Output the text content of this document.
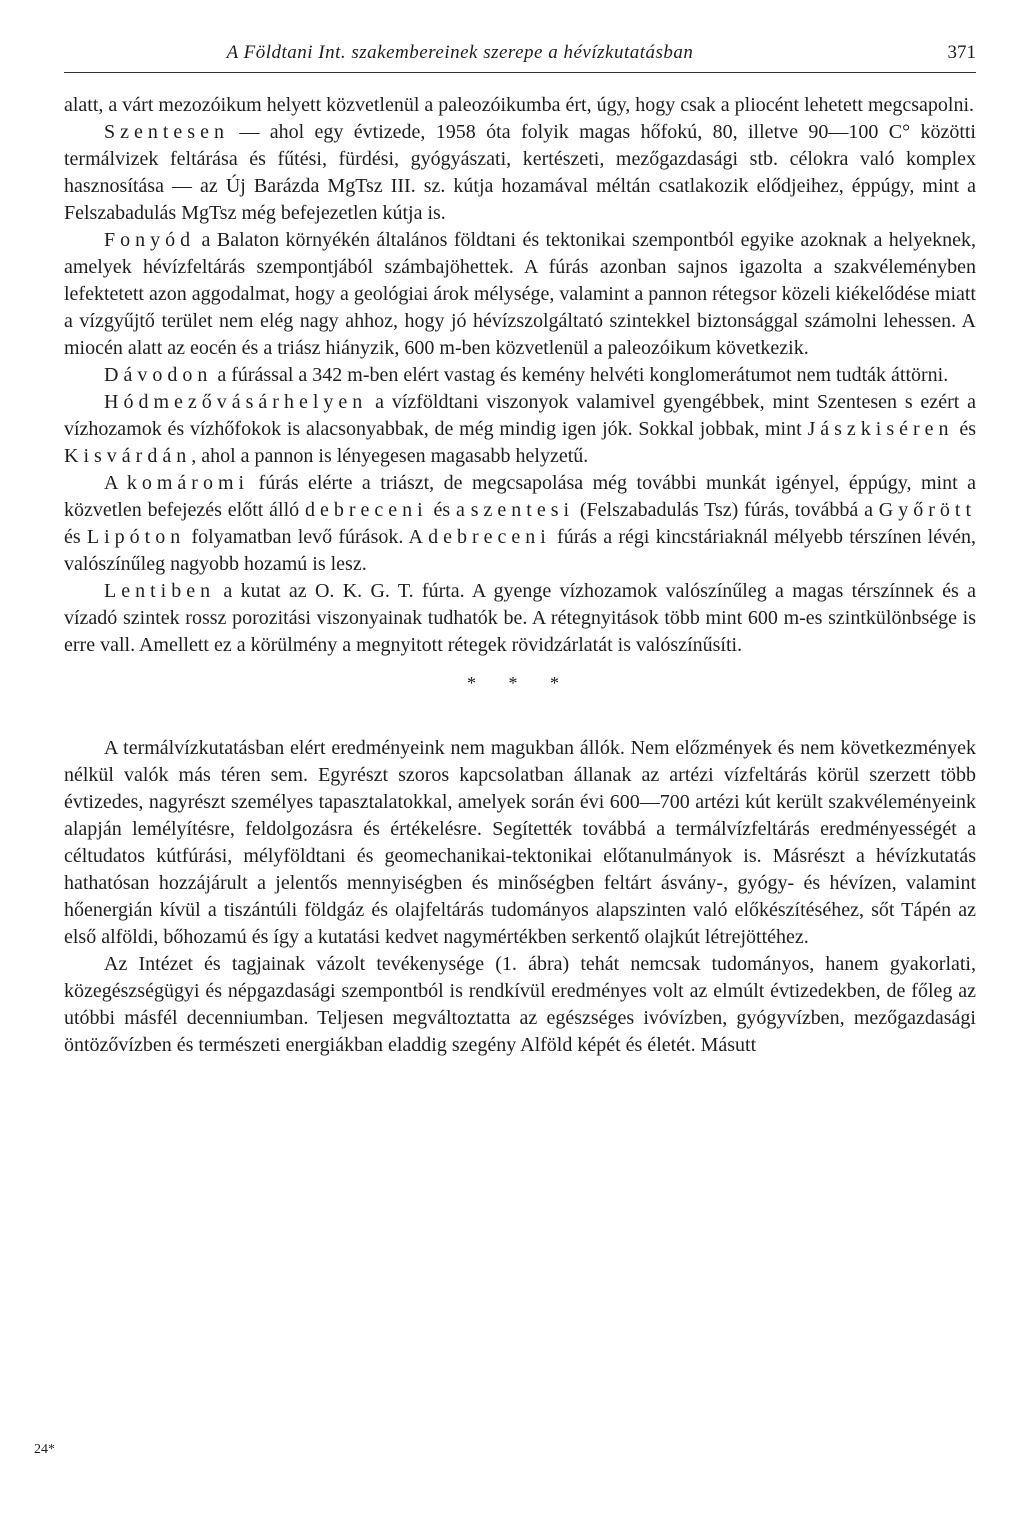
A Földtani Int. szakembereinek szerepe a hévízkutatásban	371

alatt, a várt mezozóikum helyett közvetlenül a paleozóikumba ért, úgy, hogy csak a pliocént lehetett megcsapolni.

Szentesen — ahol egy évtizede, 1958 óta folyik magas hőfokú, 80, illetve 90—100 C° közötti termálvizek feltárása és fűtési, fürdési, gyógyászati, kertészeti, mezőgazdasági stb. célokra való komplex hasznosítása — az Új Barázda MgTsz III. sz. kútja hozamával méltán csatlakozik elődjeihez, éppúgy, mint a Felszabadulás MgTsz még befejezetlen kútja is.

Fonyód a Balaton környékén általános földtani és tektonikai szempontból egyike azoknak a helyeknek, amelyek hévízfeltárás szempontjából számbajöhettek. A fúrás azonban sajnos igazolta a szakvéleményben lefektetett azon aggodalmat, hogy a geológiai árok mélysége, valamint a pannon rétegsor közeli kiékelődése miatt a vízgyűjtő terület nem elég nagy ahhoz, hogy jó hévízszolgáltató szintekkel biztonsággal számolni lehessen. A miocén alatt az eocén és a triász hiányzik, 600 m-ben közvetlenül a paleozóikum következik.

Dávodon a fúrással a 342 m-ben elért vastag és kemény helvéti konglomerátumot nem tudták áttörni.

Hódmezővásárhelyen a vízföldtani viszonyok valamivel gyengébbek, mint Szentesen s ezért a vízhozamok és vízhőfokok is alacsonyabbak, de még mindig igen jók. Sokkal jobbak, mint Jászkiséren és Kisvárdán, ahol a pannon is lényegesen magasabb helyzetű.

A komáromi fúrás elérte a triászt, de megcsapolása még további munkát igényel, éppúgy, mint a közvetlen befejezés előtt álló debreceni és a szentesi (Felszabadulás Tsz) fúrás, továbbá a Győrött és Lipóton folyamatban levő fúrások. A debreceni fúrás a régi kincstáriaknál mélyebb térszínen lévén, valószínűleg nagyobb hozamú is lesz.

Lentiben a kutat az O. K. G. T. fúrta. A gyenge vízhozamok valószínűleg a magas térszínnek és a vízadó szintek rossz porozitási viszonyainak tudhatók be. A rétegnyitások több mint 600 m-es szintkülönbsége is erre vall. Amellett ez a körülmény a megnyitott rétegek rövidzárlatát is valószínűsíti.

* * *

A termálvízkutatásban elért eredményeink nem magukban állók. Nem előzmények és nem következmények nélkül valók más téren sem. Egyrészt szoros kapcsolatban állanak az artézi vízfeltárás körül szerzett több évtizedes, nagyrészt személyes tapasztalatokkal, amelyek során évi 600—700 artézi kút került szakvéleményeink alapján lemélyítésre, feldolgozásra és értékelésre. Segítették továbbá a termálvízfeltárás eredményességét a céltudatos kútfúrási, mélyföldtani és geomechanikai-tektonikai előtanulmányok is. Másrészt a hévízkutatás hathatósan hozzájárult a jelentős mennyiségben és minőségben feltárt ásvány-, gyógy- és hévízen, valamint hőenergián kívül a tiszántúli földgáz és olajfeltárás tudományos alapszinten való előkészítéséhez, sőt Tápén az első alföldi, bőhozamú és így a kutatási kedvet nagymértékben serkentő olajkút létrejöttéhez.

Az Intézet és tagjainak vázolt tevékenysége (1. ábra) tehát nemcsak tudományos, hanem gyakorlati, közegészségügyi és népgazdasági szempontból is rendkívül eredményes volt az elmúlt évtizedekben, de főleg az utóbbi másfél decenniumban. Teljesen megváltoztatta az egészséges ivóvízben, gyógyvízben, mezőgazdasági öntözővízben és természeti energiákban eladdig szegény Alföld képét és életét. Másutt

24*
